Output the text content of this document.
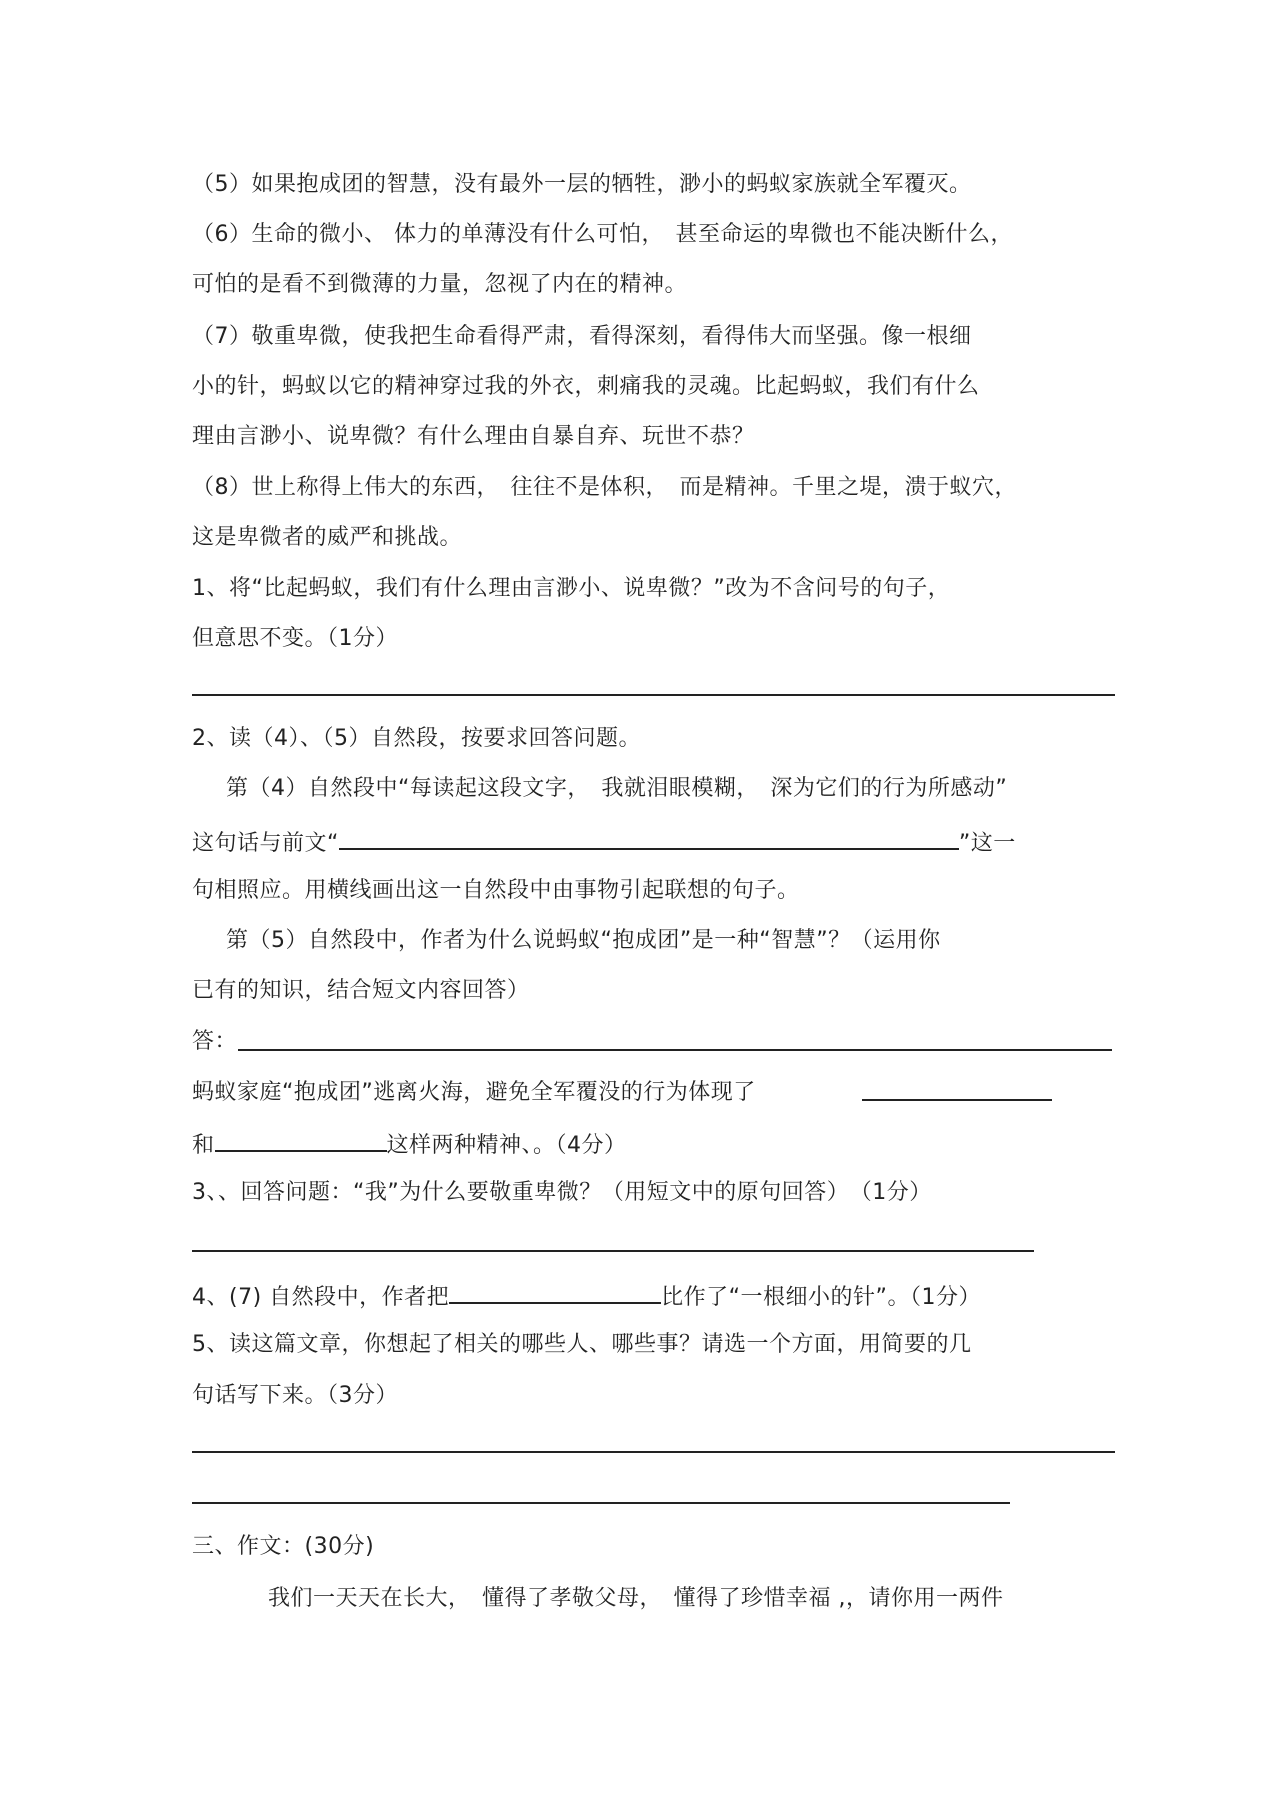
（5）如果抱成团的智慧，没有最外一层的牺牲，渺小的蚂蚁家族就全军覆灭。
（6）生命的微小、 体力的单薄没有什么可怕，　甚至命运的卑微也不能决断什么，
可怕的是看不到微薄的力量，忽视了内在的精神。
（7）敬重卑微，使我把生命看得严肃，看得深刻，看得伟大而坚强。像一根细
小的针，蚂蚁以它的精神穿过我的外衣，刺痛我的灵魂。比起蚂蚁，我们有什么
理由言渺小、说卑微？有什么理由自暴自弃、玩世不恭？
（8）世上称得上伟大的东西，　往往不是体积，　而是精神。千里之堤，溃于蚁穴，
这是卑微者的威严和挑战。
1、将“比起蚂蚁，我们有什么理由言渺小、说卑微？”改为不含问号的句子，
但意思不变。（1分）
2、读（4）、（5）自然段，按要求回答问题。
第（4）自然段中“每读起这段文字，　我就泪眼模糊，　深为它们的行为所感动”
这句话与前文“	”这一
句相照应。用横线画出这一自然段中由事物引起联想的句子。
第（5）自然段中，作者为什么说蚂蚁“抱成团”是一种“智慧”？（运用你
已有的知识，结合短文内容回答）
答：
蚂蚁家庭“抱成团”逃离火海，避免全军覆没的行为体现了
和	这样两种精神、。（4分）
3、、回答问题：“我”为什么要敬重卑微？（用短文中的原句回答）　（1分）
4、(7) 自然段中，作者把	比作了“一根细小的针”。（1分）
5、读这篇文章，你想起了相关的哪些人、哪些事？请选一个方面，用简要的几
句话写下来。（3分）
三、作文：(30分)
我们一天天在长大，　懂得了孝敬父母，　懂得了珍惜幸福 ,，请你用一两件
